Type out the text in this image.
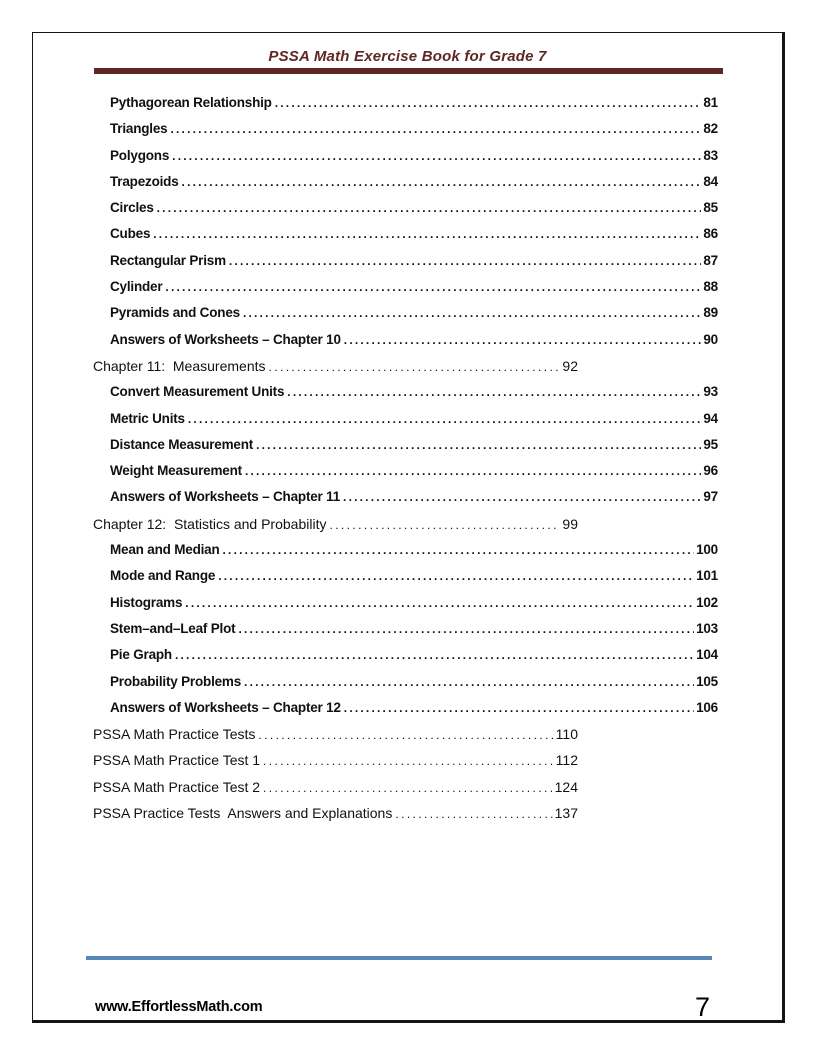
PSSA Math Exercise Book for Grade 7
Pythagorean Relationship .....	81
Triangles .....	82
Polygons .....	83
Trapezoids .....	84
Circles .....	85
Cubes .....	86
Rectangular Prism .....	87
Cylinder .....	88
Pyramids and Cones .....	89
Answers of Worksheets – Chapter 10 .....	90
Chapter 11:  Measurements .....	92
Convert Measurement Units .....	93
Metric Units .....	94
Distance Measurement .....	95
Weight Measurement .....	96
Answers of Worksheets – Chapter 11 .....	97
Chapter 12:  Statistics and Probability .....	99
Mean and Median .....	100
Mode and Range .....	101
Histograms .....	102
Stem–and–Leaf Plot .....	103
Pie Graph .....	104
Probability Problems .....	105
Answers of Worksheets – Chapter 12 .....	106
PSSA Math Practice Tests .....	110
PSSA Math Practice Test 1 .....	112
PSSA Math Practice Test 2 .....	124
PSSA Practice Tests  Answers and Explanations .....	137
www.EffortlessMath.com	7
